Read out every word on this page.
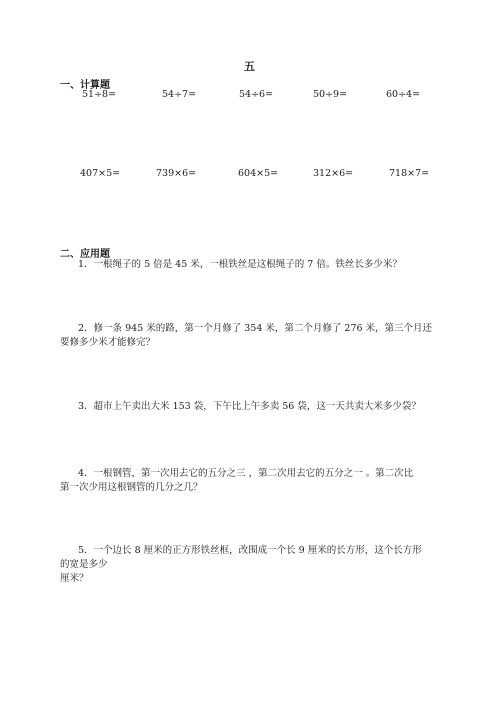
五
一、计算题
51÷8=	54÷7=	54÷6=	50÷9=	60÷4=
407×5=	739×6=	604×5=	312×6=	718×7=
二、应用题
1．一根绳子的 5 倍是 45 米，一根铁丝是这根绳子的 7 倍。铁丝长多少米？
2．修一条 945 米的路，第一个月修了 354 米，第二个月修了 276 米，第三个月还
要修多少米才能修完？
3．超市上午卖出大米 153 袋，下午比上午多卖 56 袋，这一天共卖大米多少袋？
4．一根钢管，第一次用去它的五分之三 ，第二次用去它的五分之一 。第二次比
第一次少用这根钢管的几分之几？
5．一个边长 8 厘米的正方形铁丝框，改围成一个长 9 厘米的长方形，这个长方形
的宽是多少
厘米？
